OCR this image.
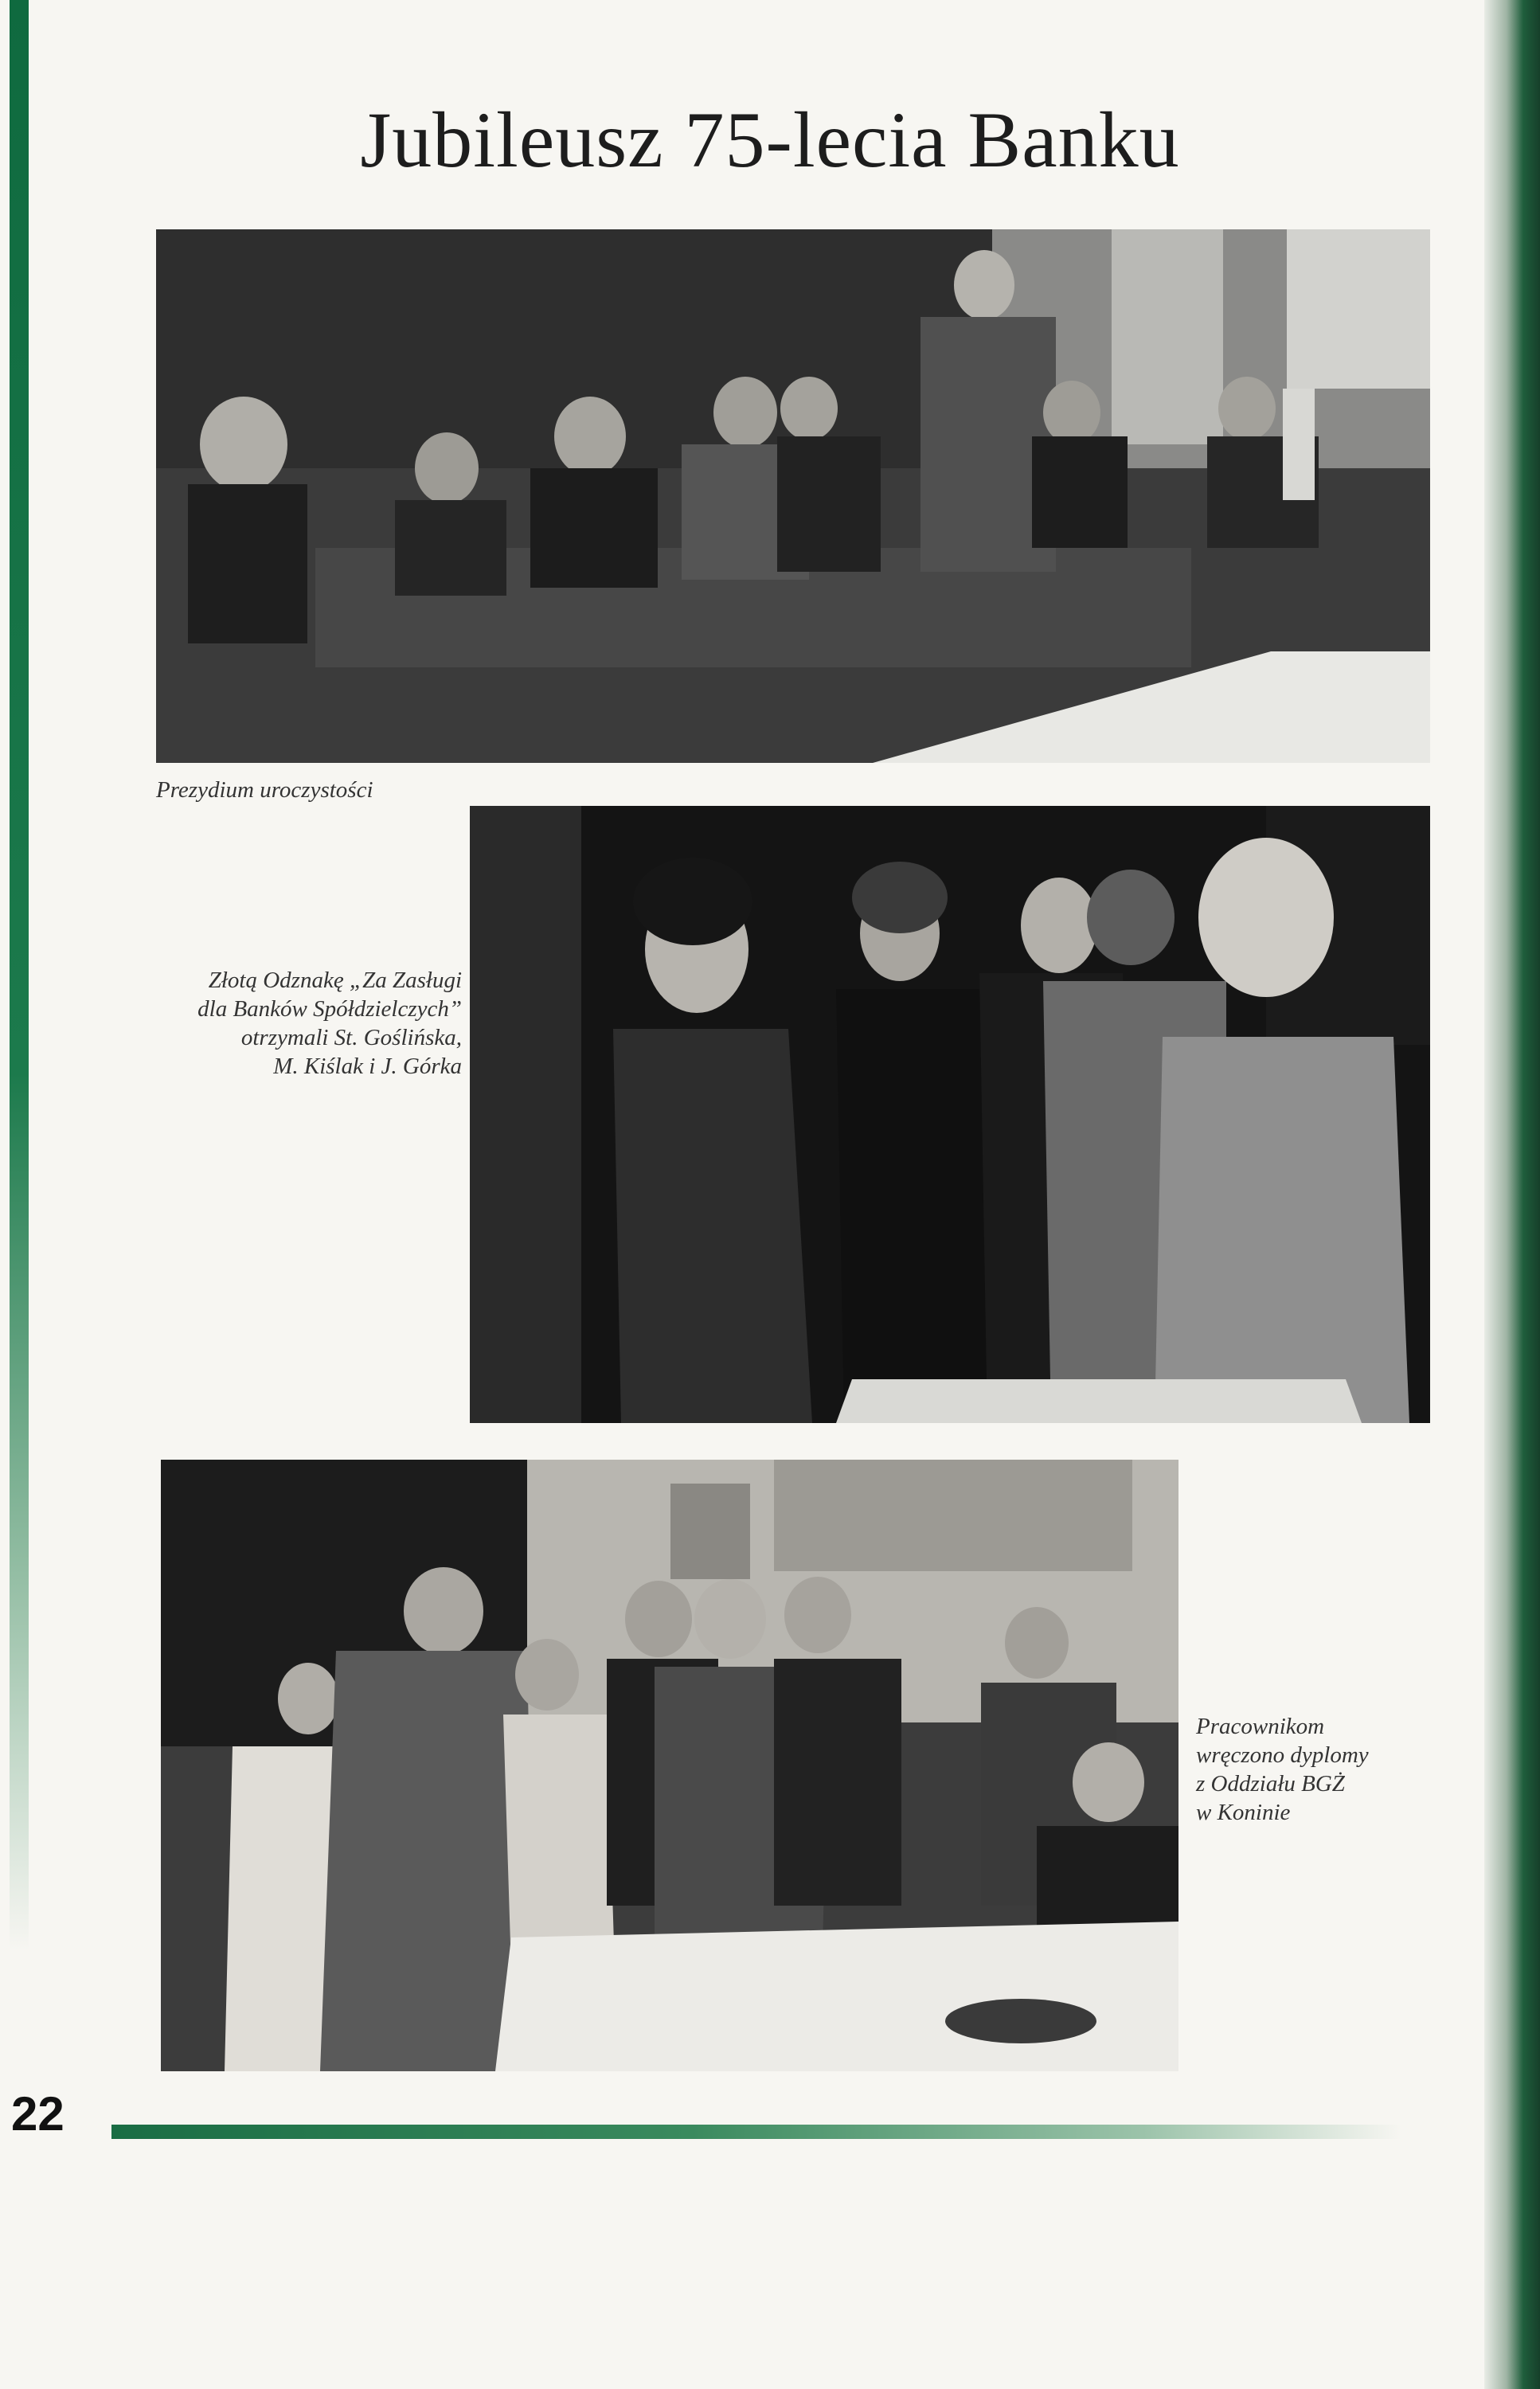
Jubileusz 75-lecia Banku

Prezydium uroczystości

Złotą Odznakę „Za Zasługi

dla Banków Spółdzielczych”

otrzymali St. Goślińska,

M. Kiślak i J. Górka

Pracownikom

wręczono dyplomy

z Oddziału BGŻ

w Koninie

22
